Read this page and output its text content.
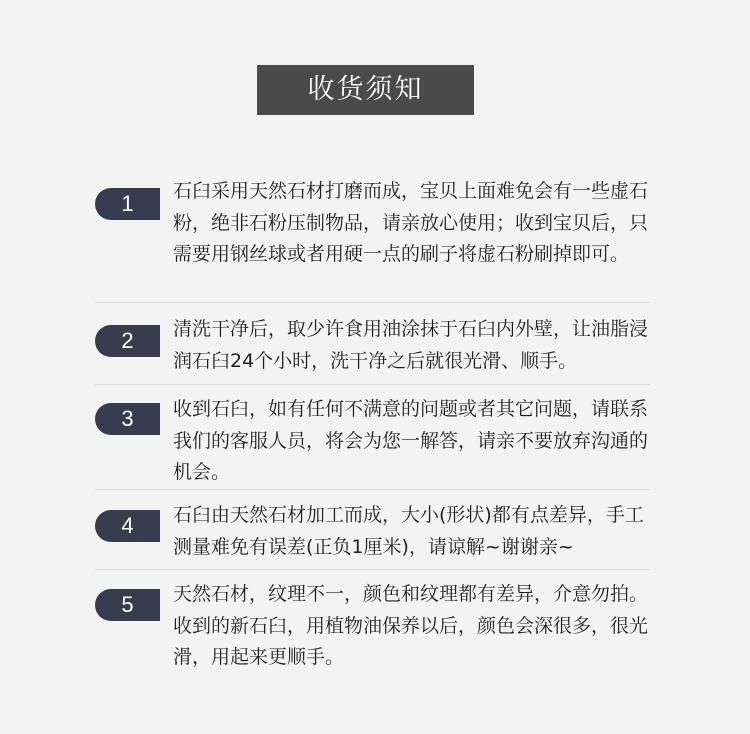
收货须知
1	石臼采用天然石材打磨而成，宝贝上面难免会有一些虚石粉，绝非石粉压制物品，请亲放心使用；收到宝贝后，只需要用钢丝球或者用硬一点的刷子将虚石粉刷掉即可。
2	清洗干净后，取少许食用油涂抹于石臼内外壁，让油脂浸润石臼24个小时，洗干净之后就很光滑、顺手。
3	收到石臼，如有任何不满意的问题或者其它问题，请联系我们的客服人员，将会为您一解答，请亲不要放弃沟通的机会。
4	石臼由天然石材加工而成，大小(形状)都有点差异，手工测量难免有误差(正负1厘米)，请谅解~谢谢亲~
5	天然石材，纹理不一，颜色和纹理都有差异，介意勿拍。收到的新石臼，用植物油保养以后，颜色会深很多，很光滑，用起来更顺手。
